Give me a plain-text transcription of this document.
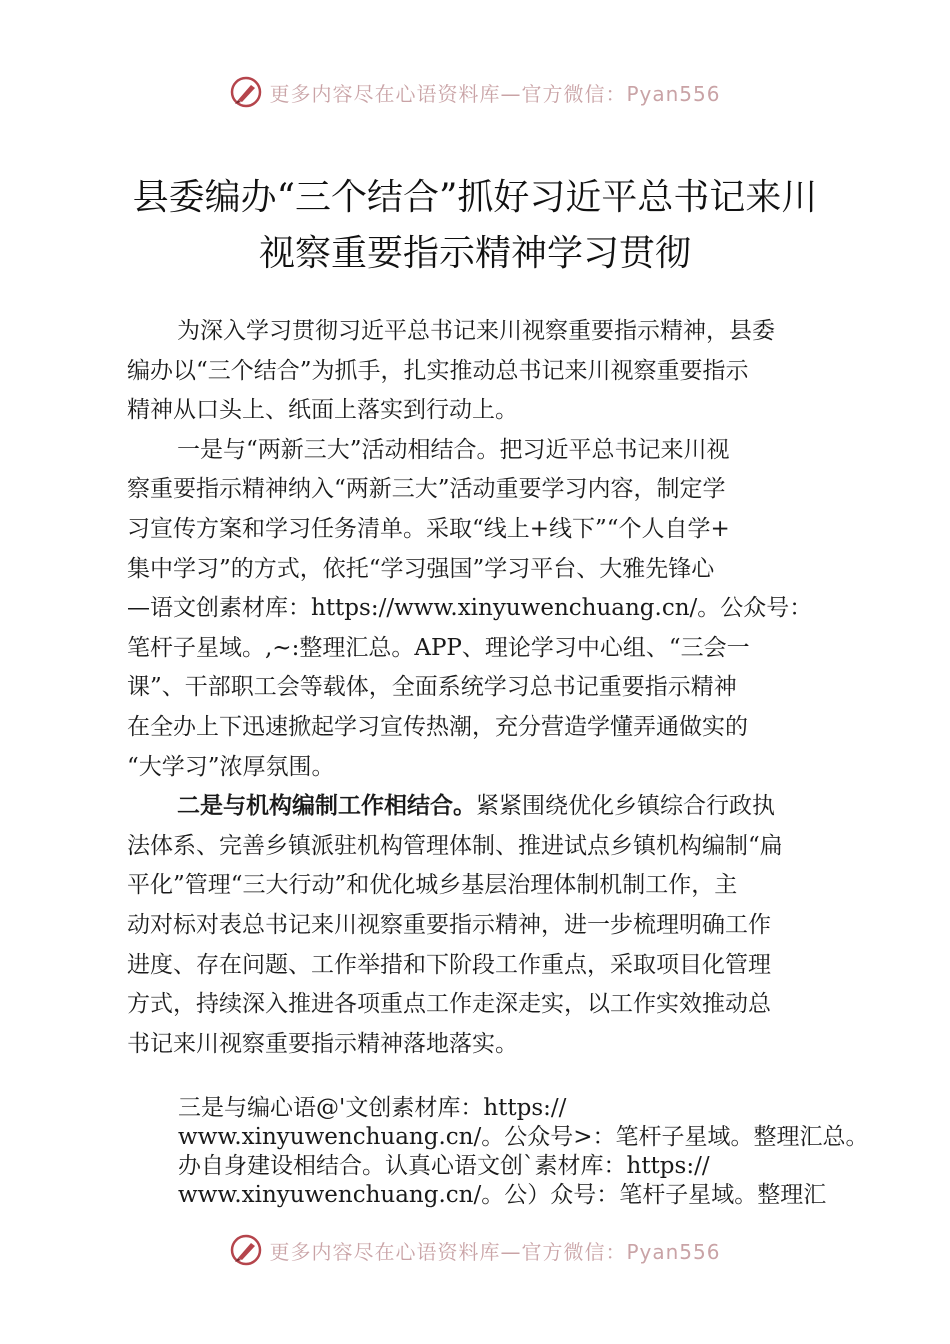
更多内容尽在心语资料库—官方微信：Pyan556
县委编办“三个结合”抓好习近平总书记来川
视察重要指示精神学习贯彻
为深入学习贯彻习近平总书记来川视察重要指示精神，县委
编办以“三个结合”为抓手，扎实推动总书记来川视察重要指示
精神从口头上、纸面上落实到行动上。
一是与“两新三大”活动相结合。把习近平总书记来川视
察重要指示精神纳入“两新三大”活动重要学习内容，制定学
习宣传方案和学习任务清单。采取“线上+线下”“个人自学+
集中学习”的方式，依托“学习强国”学习平台、大雅先锋心
—语文创素材库：https://www.xinyuwenchuang.cn/。公众号：
笔杆子星域。,~:整理汇总。APP、理论学习中心组、“三会一
课”、干部职工会等载体，全面系统学习总书记重要指示精神
在全办上下迅速掀起学习宣传热潮，充分营造学懂弄通做实的
“大学习”浓厚氛围。
二是与机构编制工作相结合。紧紧围绕优化乡镇综合行政执
法体系、完善乡镇派驻机构管理体制、推进试点乡镇机构编制“扁
平化”管理“三大行动”和优化城乡基层治理体制机制工作，主
动对标对表总书记来川视察重要指示精神，进一步梳理明确工作
进度、存在问题、工作举措和下阶段工作重点，采取项目化管理
方式，持续深入推进各项重点工作走深走实，以工作实效推动总
书记来川视察重要指示精神落地落实。
三是与编心语@'文创素材库：https://
www.xinyuwenchuang.cn/。公众号>：笔杆子星域。整理汇总。
办自身建设相结合。认真心语文创`素材库：https://
www.xinyuwenchuang.cn/。公）众号：笔杆子星域。整理汇
更多内容尽在心语资料库—官方微信：Pyan556
